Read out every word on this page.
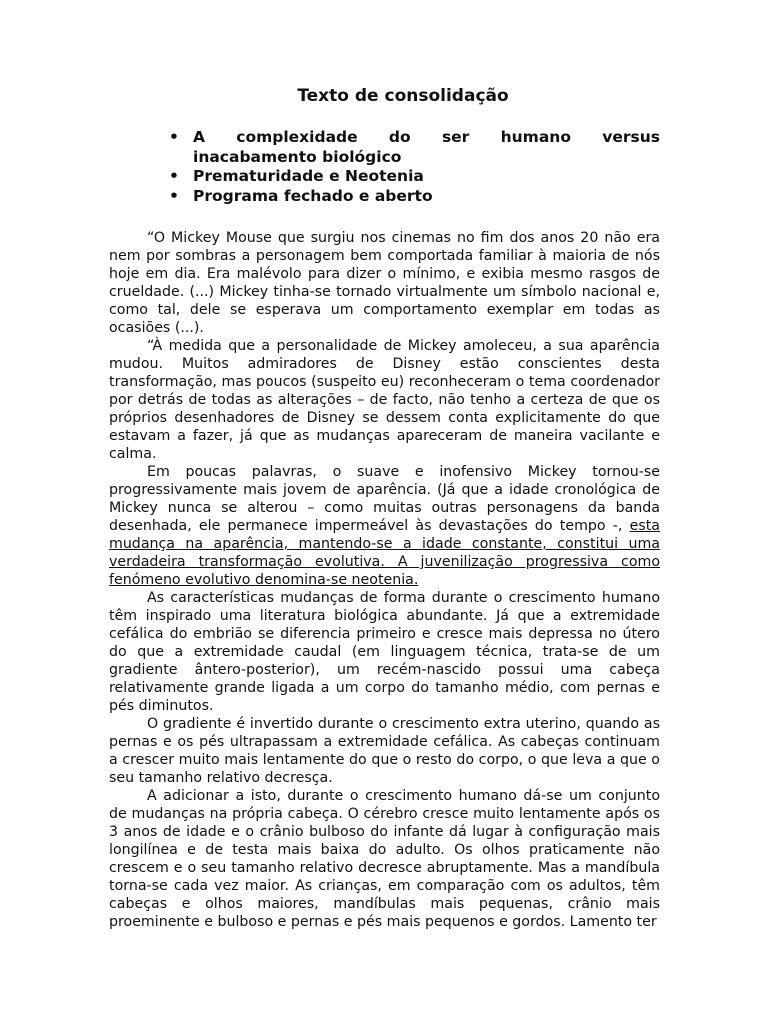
Texto de consolidação
• A complexidade do ser humano versus
inacabamento biológico
• Prematuridade e Neotenia
• Programa fechado e aberto

“O Mickey Mouse que surgiu nos cinemas no fim dos anos 20 não era nem por sombras a personagem bem comportada familiar à maioria de nós hoje em dia. Era malévolo para dizer o mínimo, e exibia mesmo rasgos de crueldade. (...) Mickey tinha-se tornado virtualmente um símbolo nacional e, como tal, dele se esperava um comportamento exemplar em todas as ocasiões (...).

“À medida que a personalidade de Mickey amoleceu, a sua aparência mudou. Muitos admiradores de Disney estão conscientes desta transformação, mas poucos (suspeito eu) reconheceram o tema coordenador por detrás de todas as alterações – de facto, não tenho a certeza de que os próprios desenhadores de Disney se dessem conta explicitamente do que estavam a fazer, já que as mudanças apareceram de maneira vacilante e calma.

Em poucas palavras, o suave e inofensivo Mickey tornou-se progressivamente mais jovem de aparência. (Já que a idade cronológica de Mickey nunca se alterou – como muitas outras personagens da banda desenhada, ele permanece impermeável às devastações do tempo -, esta mudança na aparência, mantendo-se a idade constante, constitui uma verdadeira transformação evolutiva. A juvenilização progressiva como fenómeno evolutivo denomina-se neotenia.

As características mudanças de forma durante o crescimento humano têm inspirado uma literatura biológica abundante. Já que a extremidade cefálica do embrião se diferencia primeiro e cresce mais depressa no útero do que a extremidade caudal (em linguagem técnica, trata-se de um gradiente ântero-posterior), um recém-nascido possui uma cabeça relativamente grande ligada a um corpo do tamanho médio, com pernas e pés diminutos.

O gradiente é invertido durante o crescimento extra uterino, quando as pernas e os pés ultrapassam a extremidade cefálica. As cabeças continuam a crescer muito mais lentamente do que o resto do corpo, o que leva a que o seu tamanho relativo decresça.

A adicionar a isto, durante o crescimento humano dá-se um conjunto de mudanças na própria cabeça. O cérebro cresce muito lentamente após os 3 anos de idade e o crânio bulboso do infante dá lugar à configuração mais longilínea e de testa mais baixa do adulto. Os olhos praticamente não crescem e o seu tamanho relativo decresce abruptamente. Mas a mandíbula torna-se cada vez maior. As crianças, em comparação com os adultos, têm cabeças e olhos maiores, mandíbulas mais pequenas, crânio mais proeminente e bulboso e pernas e pés mais pequenos e gordos. Lamento ter
